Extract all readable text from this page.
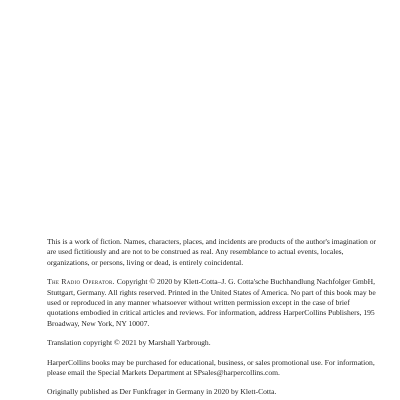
This is a work of fiction. Names, characters, places, and incidents are products of the author's imagination or are used fictitiously and are not to be construed as real. Any resemblance to actual events, locales, organizations, or persons, living or dead, is entirely coincidental.

The Radio Operator. Copyright © 2020 by Klett-Cotta–J. G. Cotta'sche Buchhandlung Nachfolger GmbH, Stuttgart, Germany. All rights reserved. Printed in the United States of America. No part of this book may be used or reproduced in any manner whatsoever without written permission except in the case of brief quotations embodied in critical articles and reviews. For information, address HarperCollins Publishers, 195 Broadway, New York, NY 10007.

Translation copyright © 2021 by Marshall Yarbrough.

HarperCollins books may be purchased for educational, business, or sales promotional use. For information, please email the Special Markets Department at SPsales@harpercollins.com.

Originally published as Der Funkfrager in Germany in 2020 by Klett-Cotta.
